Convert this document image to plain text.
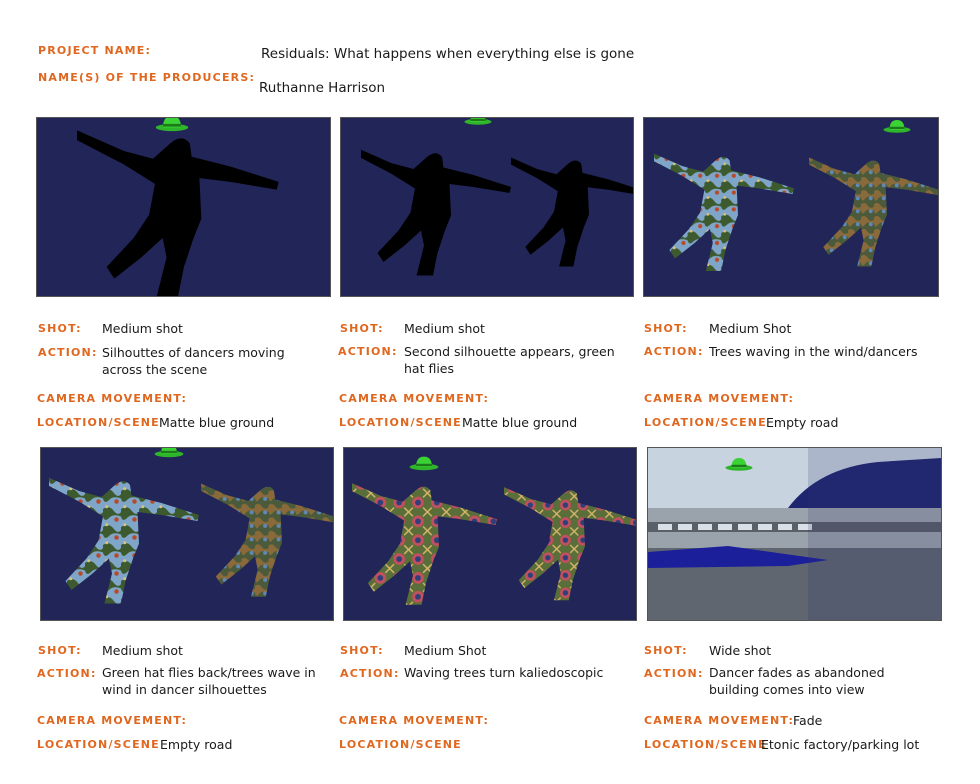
PROJECT NAME:	Residuals: What happens when everything else is gone
NAME(S) OF THE PRODUCERS:
Ruthanne Harrison
SHOT: Medium shot
ACTION: Silhouttes of dancers moving across the scene
CAMERA MOVEMENT:
LOCATION/SCENE Matte blue ground
SHOT: Medium shot
ACTION: Second silhouette appears, green hat flies
CAMERA MOVEMENT:
LOCATION/SCENE Matte blue ground
SHOT: Medium Shot
ACTION: Trees waving in the wind/dancers
CAMERA MOVEMENT:
LOCATION/SCENE Empty road
SHOT: Medium shot
ACTION: Green hat flies back/trees wave in wind in dancer silhouettes
CAMERA MOVEMENT:
LOCATION/SCENE Empty road
SHOT: Medium Shot
ACTION: Waving trees turn kaliedoscopic
CAMERA MOVEMENT:
LOCATION/SCENE
SHOT: Wide shot
ACTION: Dancer fades as abandoned building comes into view
CAMERA MOVEMENT:
Fade
LOCATION/SCENE
Etonic factory/parking lot
